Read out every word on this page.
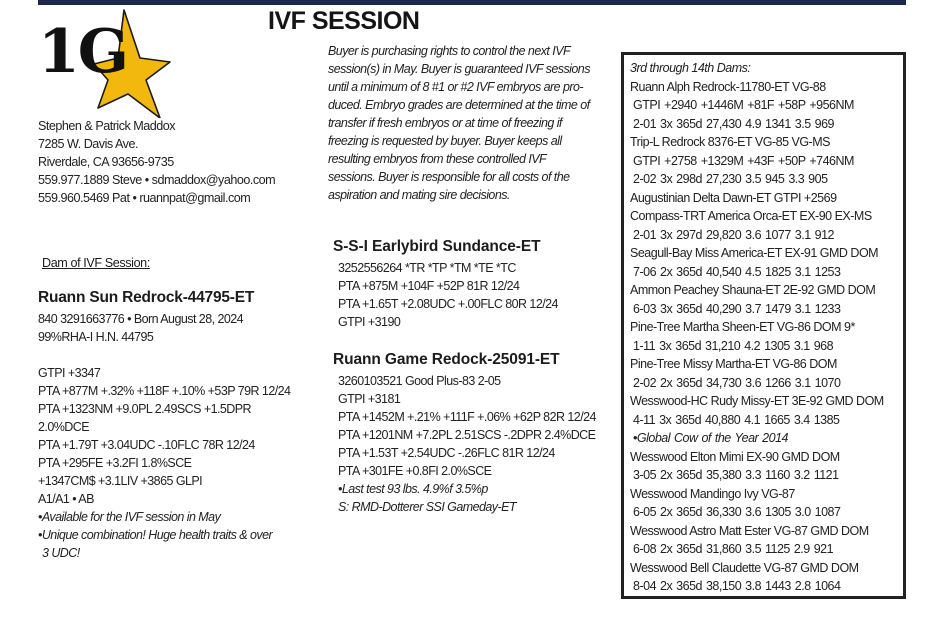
1G	IVF SESSION
Stephen & Patrick Maddox
7285 W. Davis Ave.
Riverdale, CA 93656-9735
559.977.1889 Steve • sdmaddox@yahoo.com
559.960.5469 Pat • ruannpat@gmail.com
Dam of IVF Session:
Ruann Sun Redrock-44795-ET
840 3291663776 • Born August 28, 2024
99%RHA-I H.N. 44795
GTPI +3347
PTA +877M +.32% +118F +.10% +53P 79R 12/24
PTA +1323NM +9.0PL 2.49SCS +1.5DPR
2.0%DCE
PTA +1.79T +3.04UDC -.10FLC 78R 12/24
PTA +295FE +3.2FI 1.8%SCE
+1347CM$ +3.1LIV +3865 GLPI
A1/A1 • AB
•Available for the IVF session in May
•Unique combination! Huge health traits & over
3 UDC!
Buyer is purchasing rights to control the next IVF
session(s) in May. Buyer is guaranteed IVF sessions
until a minimum of 8 #1 or #2 IVF embryos are pro-
duced. Embryo grades are determined at the time of
transfer if fresh embryos or at time of freezing if
freezing is requested by buyer. Buyer keeps all
resulting embryos from these controlled IVF
sessions. Buyer is responsible for all costs of the
aspiration and mating sire decisions.
S-S-I Earlybird Sundance-ET
3252556264 *TR *TP *TM *TE *TC
PTA +875M +104F +52P 81R 12/24
PTA +1.65T +2.08UDC +.00FLC 80R 12/24
GTPI +3190
Ruann Game Redock-25091-ET
3260103521 Good Plus-83 2-05
GTPI +3181
PTA +1452M +.21% +111F +.06% +62P 82R 12/24
PTA +1201NM +7.2PL 2.51SCS -.2DPR 2.4%DCE
PTA +1.53T +2.54UDC -.26FLC 81R 12/24
PTA +301FE +0.8FI 2.0%SCE
•Last test 93 lbs. 4.9%f 3.5%p
S: RMD-Dotterer SSI Gameday-ET
3rd through 14th Dams:
Ruann Alph Redrock-11780-ET VG-88
GTPI +2940 +1446M +81F +58P +956NM
2-01 3x 365d 27,430 4.9 1341 3.5 969
Trip-L Redrock 8376-ET VG-85 VG-MS
GTPI +2758 +1329M +43F +50P +746NM
2-02 3x 298d 27,230 3.5 945 3.3 905
Augustinian Delta Dawn-ET GTPI +2569
Compass-TRT America Orca-ET EX-90 EX-MS
2-01 3x 297d 29,820 3.6 1077 3.1 912
Seagull-Bay Miss America-ET EX-91 GMD DOM
7-06 2x 365d 40,540 4.5 1825 3.1 1253
Ammon Peachey Shauna-ET 2E-92 GMD DOM
6-03 3x 365d 40,290 3.7 1479 3.1 1233
Pine-Tree Martha Sheen-ET VG-86 DOM 9*
1-11 3x 365d 31,210 4.2 1305 3.1 968
Pine-Tree Missy Martha-ET VG-86 DOM
2-02 2x 365d 34,730 3.6 1266 3.1 1070
Wesswood-HC Rudy Missy-ET 3E-92 GMD DOM
4-11 3x 365d 40,880 4.1 1665 3.4 1385
•Global Cow of the Year 2014
Wesswood Elton Mimi EX-90 GMD DOM
3-05 2x 365d 35,380 3.3 1160 3.2 1121
Wesswood Mandingo Ivy VG-87
6-05 2x 365d 36,330 3.6 1305 3.0 1087
Wesswood Astro Matt Ester VG-87 GMD DOM
6-08 2x 365d 31,860 3.5 1125 2.9 921
Wesswood Bell Claudette VG-87 GMD DOM
8-04 2x 365d 38,150 3.8 1443 2.8 1064
